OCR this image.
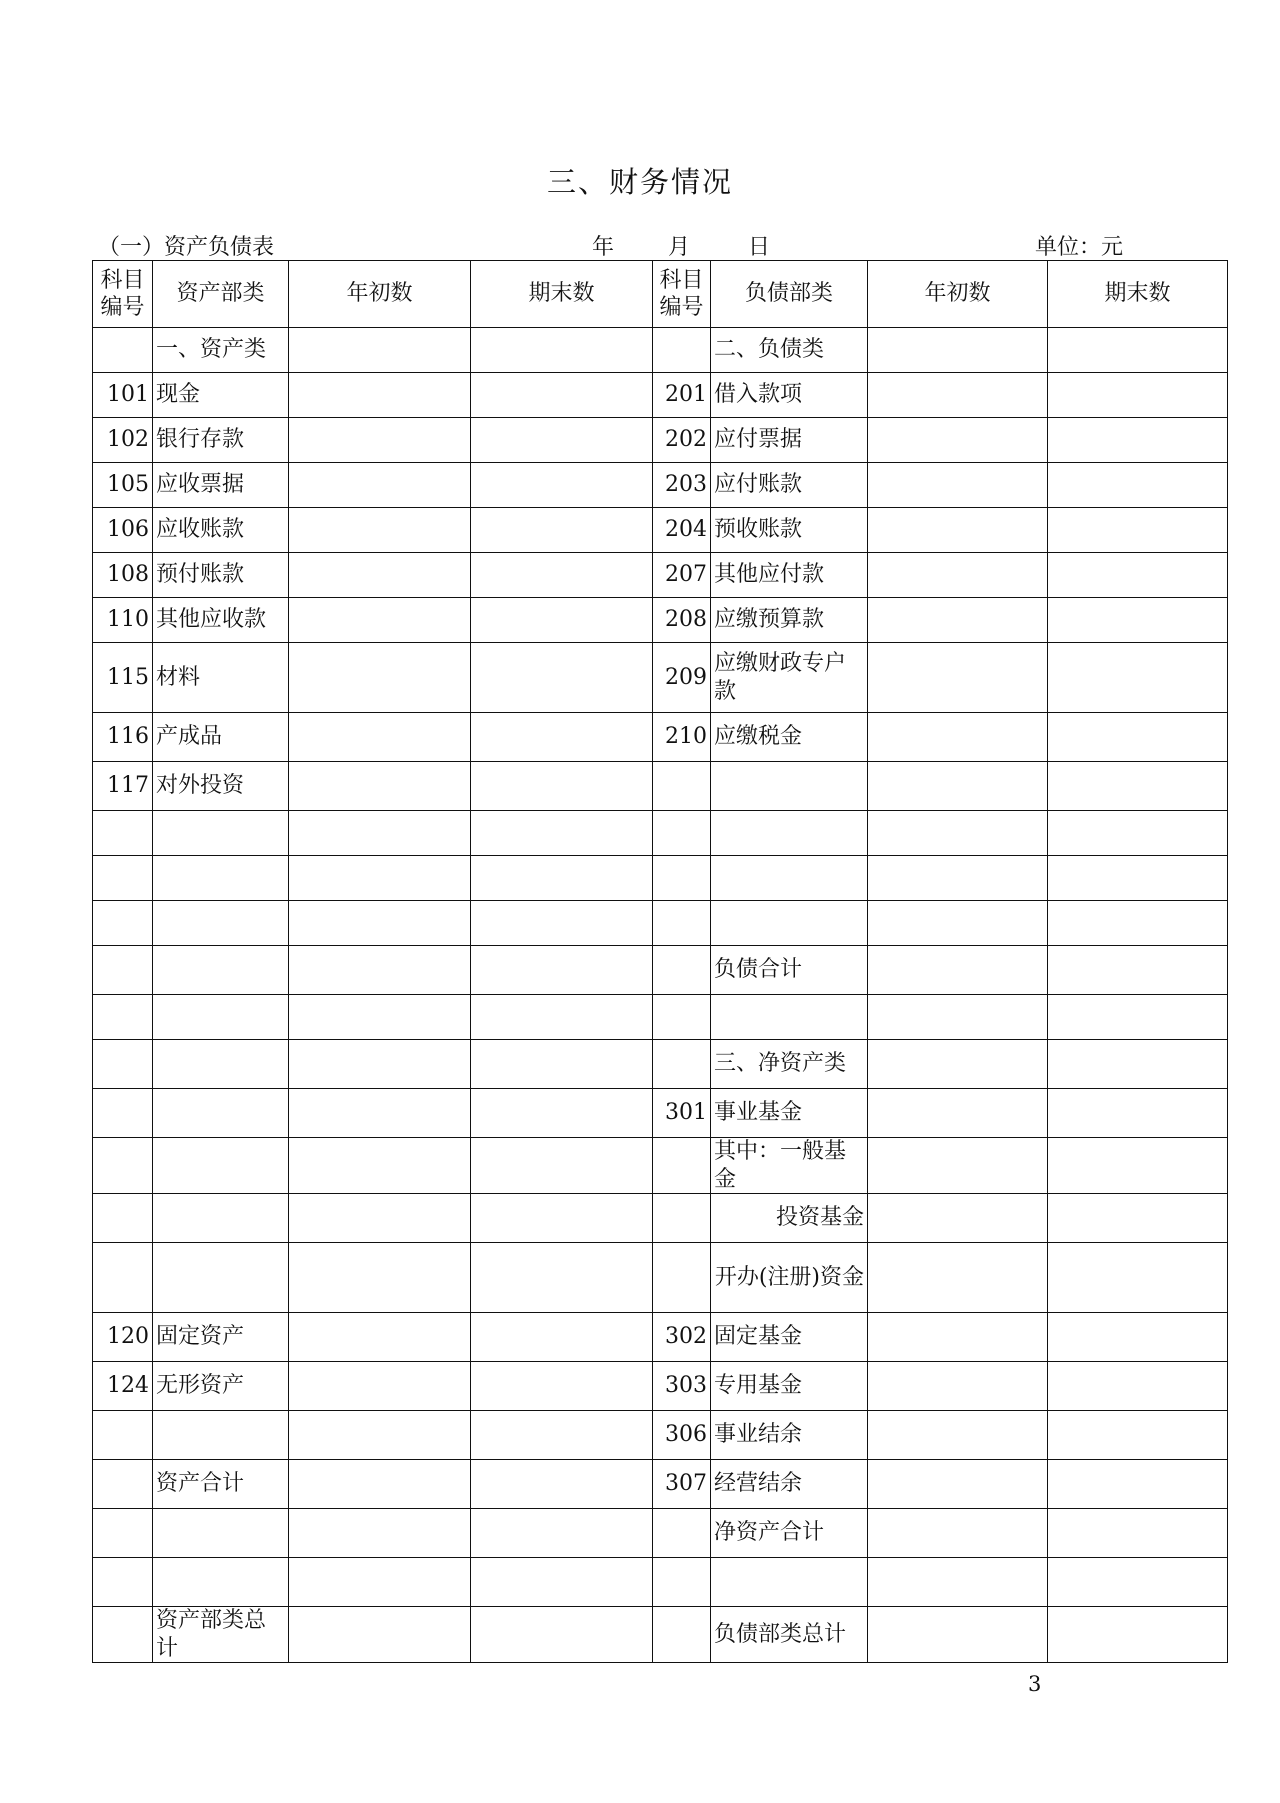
三、财务情况
（一）资产负债表	年 月	日	单位：元
科目编号	资产部类	年初数	期末数	科目编号	负债部类	年初数	期末数
	一、资产类				二、负债类		
101	现金			201	借入款项		
102	银行存款			202	应付票据		
105	应收票据			203	应付账款		
106	应收账款			204	预收账款		
108	预付账款			207	其他应付款		
110	其他应收款			208	应缴预算款		
115	材料			209	应缴财政专户款		
116	产成品			210	应缴税金		
117	对外投资						

					负债合计		

					三、净资产类		
				301	事业基金		
					其中：一般基金		
					投资基金		
					开办(注册)资金		
120	固定资产			302	固定基金		
124	无形资产			303	专用基金		
				306	事业结余		
	资产合计			307	经营结余		
					净资产合计		

	资产部类总计				负债部类总计		
3
